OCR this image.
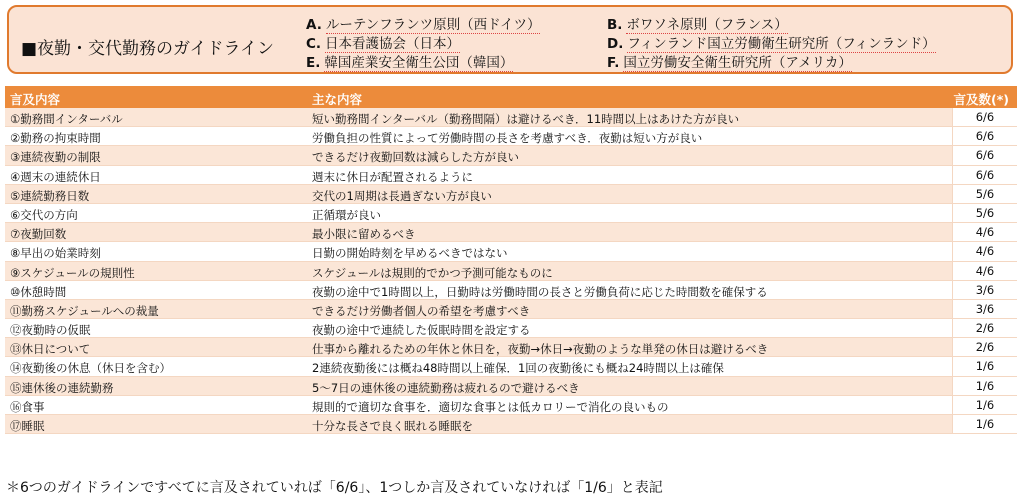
■夜勤・交代勤務のガイドライン
A. ルーテンフランツ原則（西ドイツ）
C. 日本看護協会（日本）
E. 韓国産業安全衛生公団（韓国）
B. ボワソネ原則（フランス）
D. フィンランド国立労働衛生研究所（フィンランド）
F. 国立労働安全衛生研究所（アメリカ）
言及内容	主な内容	言及数(*)
①勤務間インターバル	短い勤務間インターバル（勤務間隔）は避けるべき．11時間以上はあけた方が良い	6/6
②勤務の拘束時間	労働負担の性質によって労働時間の長さを考慮すべき．夜勤は短い方が良い	6/6
③連続夜勤の制限	できるだけ夜勤回数は減らした方が良い	6/6
④週末の連続休日	週末に休日が配置されるように	6/6
⑤連続勤務日数	交代の1周期は長過ぎない方が良い	5/6
⑥交代の方向	正循環が良い	5/6
⑦夜勤回数	最小限に留めるべき	4/6
⑧早出の始業時刻	日勤の開始時刻を早めるべきではない	4/6
⑨スケジュールの規則性	スケジュールは規則的でかつ予測可能なものに	4/6
⑩休憩時間	夜勤の途中で1時間以上，日勤時は労働時間の長さと労働負荷に応じた時間数を確保する	3/6
⑪勤務スケジュールへの裁量	できるだけ労働者個人の希望を考慮すべき	3/6
⑫夜勤時の仮眠	夜勤の途中で連続した仮眠時間を設定する	2/6
⑬休日について	仕事から離れるための年休と休日を，夜勤→休日→夜勤のような単発の休日は避けるべき	2/6
⑭夜勤後の休息（休日を含む）	2連続夜勤後には概ね48時間以上確保．1回の夜勤後にも概ね24時間以上は確保	1/6
⑮連休後の連続勤務	5～7日の連休後の連続勤務は疲れるので避けるべき	1/6
⑯食事	規則的で適切な食事を．適切な食事とは低カロリーで消化の良いもの	1/6
⑰睡眠	十分な長さで良く眠れる睡眠を	1/6
＊6つのガイドラインですべてに言及されていれば「6/6」、1つしか言及されていなければ「1/6」と表記
